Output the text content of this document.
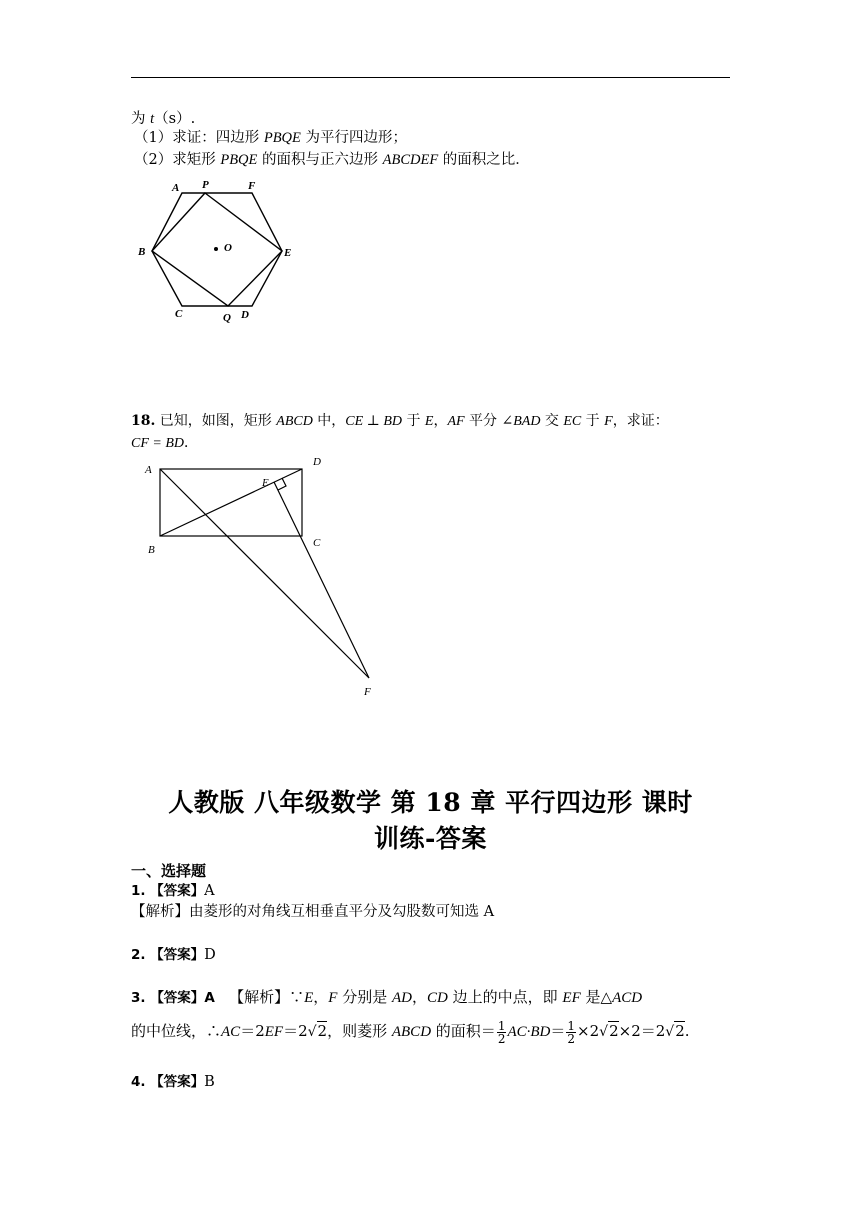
为 t（s）.
（1）求证：四边形 PBQE 为平行四边形；
（2）求矩形 PBQE 的面积与正六边形 ABCDEF 的面积之比．
A P	F
B	O	E
C	Q D
18. 已知，如图，矩形 ABCD 中，CE ⊥ BD 于 E，AF 平分 ∠BAD 交 EC 于 F，求证：
CF = BD．
A
D
E
B
C
F
人教版 八年级数学 第 18 章 平行四边形 课时
训练-答案
一、选择题
1. 【答案】A
【解析】由菱形的对角线互相垂直平分及勾股数可知选 A
2. 【答案】D
3. 【答案】A 【解析】∵E，F 分别是 AD，CD 边上的中点，即 EF 是△ACD
的中位线，∴AC＝2EF＝2√2，则菱形 ABCD 的面积＝ $\frac{1}{2} AC\cdot BD= \frac{1}{2} \times 2√2\times 2=2√2$.
4. 【答案】B
